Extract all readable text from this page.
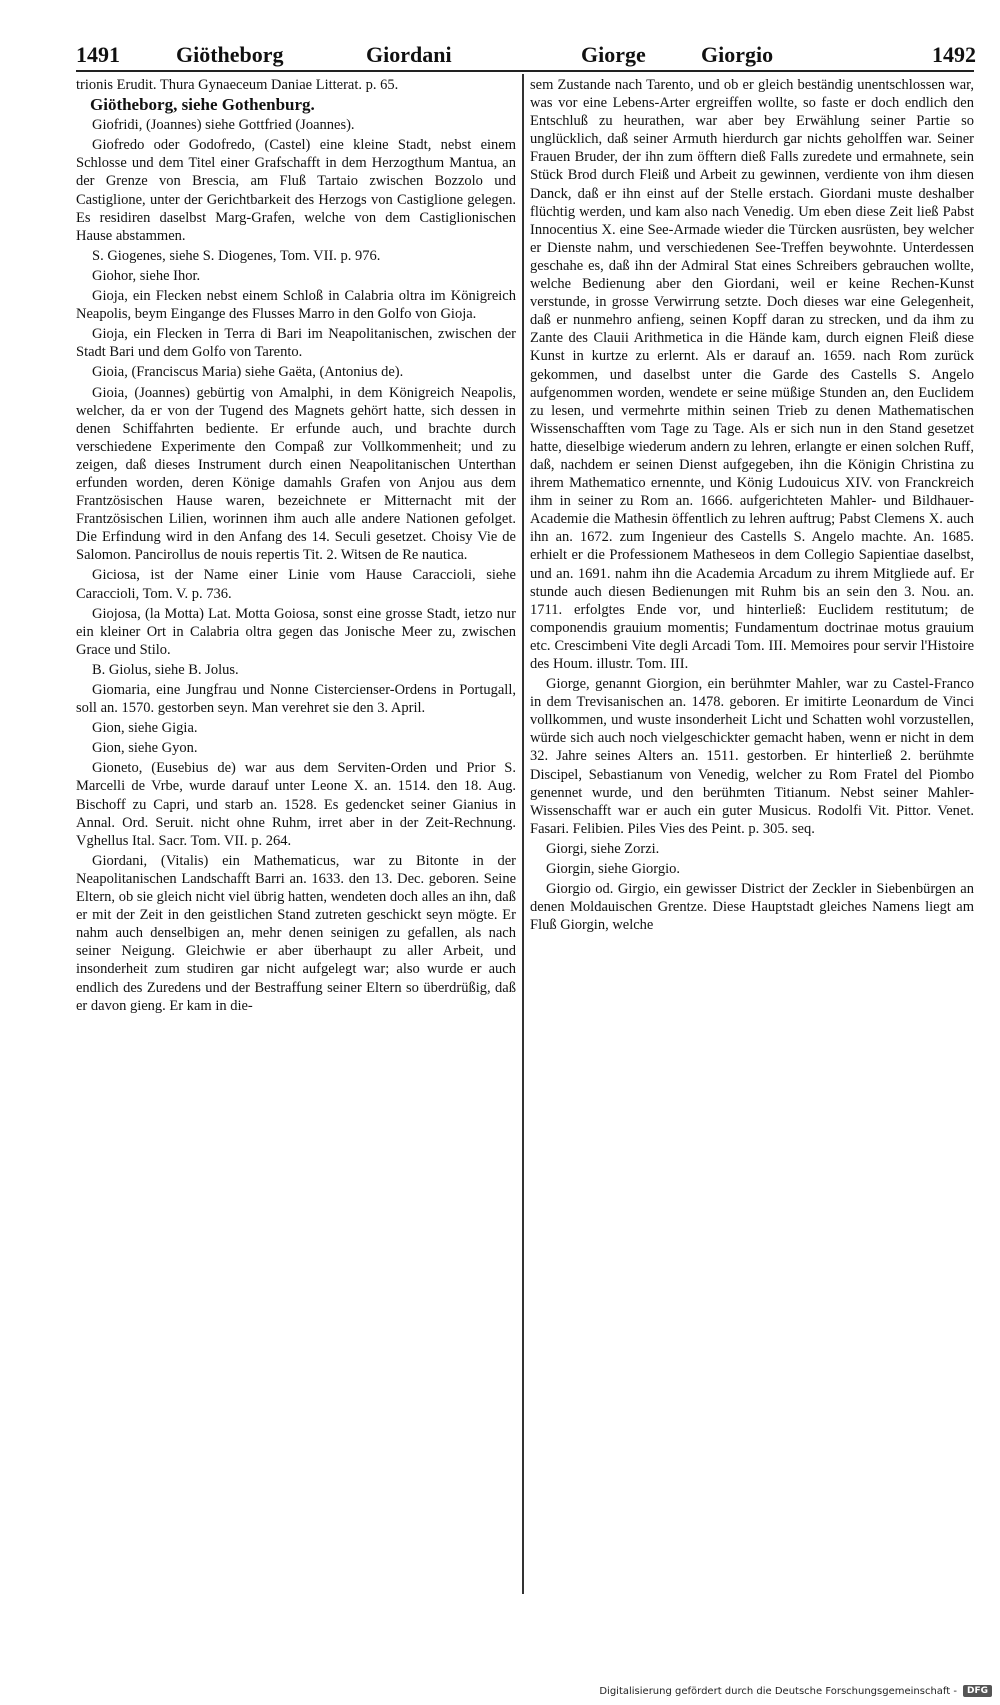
1491	Giötheborg	Giordani	Giorge	Giorgio	1492

trionis Erudit. Thura Gynaeceum Daniae Litterat. p. 65.

Giötheborg, siehe Gothenburg.

Giofridi, (Joannes) siehe Gottfried (Joannes).

Giofredo oder Godofredo, (Castel) eine kleine Stadt, nebst einem Schlosse und dem Titel einer Grafschafft in dem Herzogthum Mantua, an der Grenze von Brescia, am Fluß Tartaio zwischen Bozzolo und Castiglione, unter der Gerichtbarkeit des Herzogs von Castiglione gelegen. Es residiren daselbst Marg-Grafen, welche von dem Castiglionischen Hause abstammen.

S. Giogenes, siehe S. Diogenes, Tom. VII. p. 976.

Giohor, siehe Ihor.

Gioja, ein Flecken nebst einem Schloß in Calabria oltra im Königreich Neapolis, beym Eingange des Flusses Marro in den Golfo von Gioja.

Gioja, ein Flecken in Terra di Bari im Neapolitanischen, zwischen der Stadt Bari und dem Golfo von Tarento.

Gioia, (Franciscus Maria) siehe Gaëta, (Antonius de).

Gioia, (Joannes) gebürtig von Amalphi, in dem Königreich Neapolis, welcher, da er von der Tugend des Magnets gehört hatte, sich dessen in denen Schiffahrten bediente. Er erfunde auch, und brachte durch verschiedene Experimente den Compaß zur Vollkommenheit; und zu zeigen, daß dieses Instrument durch einen Neapolitanischen Unterthan erfunden worden, deren Könige damahls Grafen von Anjou aus dem Frantzösischen Hause waren, bezeichnete er Mitternacht mit der Frantzösischen Lilien, worinnen ihm auch alle andere Nationen gefolget. Die Erfindung wird in den Anfang des 14. Seculi gesetzet. Choisy Vie de Salomon. Pancirollus de nouis repertis Tit. 2. Witsen de Re nautica.

Giciosa, ist der Name einer Linie vom Hause Caraccioli, siehe Caraccioli, Tom. V. p. 736.

Giojosa, (la Motta) Lat. Motta Goiosa, sonst eine grosse Stadt, ietzo nur ein kleiner Ort in Calabria oltra gegen das Jonische Meer zu, zwischen Grace und Stilo.

B. Giolus, siehe B. Jolus.

Giomaria, eine Jungfrau und Nonne Cistercienser-Ordens in Portugall, soll an. 1570. gestorben seyn. Man verehret sie den 3. April.

Gion, siehe Gigia.

Gion, siehe Gyon.

Gioneto, (Eusebius de) war aus dem Serviten-Orden und Prior S. Marcelli de Vrbe, wurde darauf unter Leone X. an. 1514. den 18. Aug. Bischoff zu Capri, und starb an. 1528. Es gedencket seiner Gianius in Annal. Ord. Seruit. nicht ohne Ruhm, irret aber in der Zeit-Rechnung. Vghellus Ital. Sacr. Tom. VII. p. 264.

Giordani, (Vitalis) ein Mathematicus, war zu Bitonte in der Neapolitanischen Landschafft Barri an. 1633. den 13. Dec. geboren. Seine Eltern, ob sie gleich nicht viel übrig hatten, wendeten doch alles an ihn, daß er mit der Zeit in den geistlichen Stand zutreten geschickt seyn mögte. Er nahm auch denselbigen an, mehr denen seinigen zu gefallen, als nach seiner Neigung. Gleichwie er aber überhaupt zu aller Arbeit, und insonderheit zum studiren gar nicht aufgelegt war; also wurde er auch endlich des Zuredens und der Bestraffung seiner Eltern so überdrüßig, daß er davon gieng. Er kam in die-

sem Zustande nach Tarento, und ob er gleich beständig unentschlossen war, was vor eine Lebens-Arter ergreiffen wollte, so faste er doch endlich den Entschluß zu heurathen, war aber bey Erwählung seiner Partie so unglücklich, daß seiner Armuth hierdurch gar nichts geholffen war. Seiner Frauen Bruder, der ihn zum öfftern dieß Falls zuredete und ermahnete, sein Stück Brod durch Fleiß und Arbeit zu gewinnen, verdiente von ihm diesen Danck, daß er ihn einst auf der Stelle erstach. Giordani muste deshalber flüchtig werden, und kam also nach Venedig. Um eben diese Zeit ließ Pabst Innocentius X. eine See-Armade wieder die Türcken ausrüsten, bey welcher er Dienste nahm, und verschiedenen See-Treffen beywohnte. Unterdessen geschahe es, daß ihn der Admiral Stat eines Schreibers gebrauchen wollte, welche Bedienung aber den Giordani, weil er keine Rechen-Kunst verstunde, in grosse Verwirrung setzte. Doch dieses war eine Gelegenheit, daß er nunmehro anfieng, seinen Kopff daran zu strecken, und da ihm zu Zante des Clauii Arithmetica in die Hände kam, durch eignen Fleiß diese Kunst in kurtze zu erlernt. Als er darauf an. 1659. nach Rom zurück gekommen, und daselbst unter die Garde des Castells S. Angelo aufgenommen worden, wendete er seine müßige Stunden an, den Euclidem zu lesen, und vermehrte mithin seinen Trieb zu denen Mathematischen Wissenschafften vom Tage zu Tage. Als er sich nun in den Stand gesetzet hatte, dieselbige wiederum andern zu lehren, erlangte er einen solchen Ruff, daß, nachdem er seinen Dienst aufgegeben, ihn die Königin Christina zu ihrem Mathematico ernennte, und König Ludouicus XIV. von Franckreich ihm in seiner zu Rom an. 1666. aufgerichteten Mahler- und Bildhauer-Academie die Mathesin öffentlich zu lehren auftrug; Pabst Clemens X. auch ihn an. 1672. zum Ingenieur des Castells S. Angelo machte. An. 1685. erhielt er die Professionem Matheseos in dem Collegio Sapientiae daselbst, und an. 1691. nahm ihn die Academia Arcadum zu ihrem Mitgliede auf. Er stunde auch diesen Bedienungen mit Ruhm bis an sein den 3. Nou. an. 1711. erfolgtes Ende vor, und hinterließ: Euclidem restitutum; de componendis grauium momentis; Fundamentum doctrinae motus grauium etc. Crescimbeni Vite degli Arcadi Tom. III. Memoires pour servir l'Histoire des Houm. illustr. Tom. III.

Giorge, genannt Giorgion, ein berühmter Mahler, war zu Castel-Franco in dem Trevisanischen an. 1478. geboren. Er imitirte Leonardum de Vinci vollkommen, und wuste insonderheit Licht und Schatten wohl vorzustellen, würde sich auch noch vielgeschickter gemacht haben, wenn er nicht in dem 32. Jahre seines Alters an. 1511. gestorben. Er hinterließ 2. berühmte Discipel, Sebastianum von Venedig, welcher zu Rom Fratel del Piombo genennet wurde, und den berühmten Titianum. Nebst seiner Mahler-Wissenschafft war er auch ein guter Musicus. Rodolfi Vit. Pittor. Venet. Fasari. Felibien. Piles Vies des Peint. p. 305. seq.

Giorgi, siehe Zorzi.

Giorgin, siehe Giorgio.

Giorgio od. Girgio, ein gewisser District der Zeckler in Siebenbürgen an denen Moldauischen Grentze. Diese Hauptstadt gleiches Namens liegt am Fluß Giorgin, welche

Digitalisierung gefördert durch die Deutsche Forschungsgemeinschaft -	DFG
